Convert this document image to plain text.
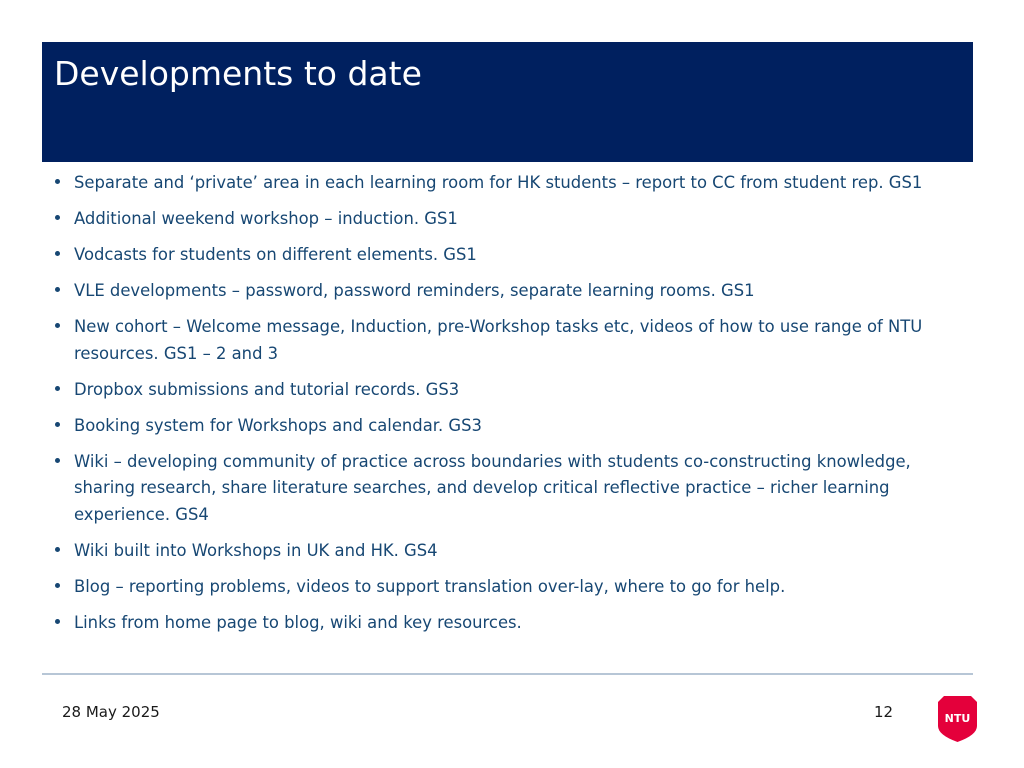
Developments to date
Separate and ‘private’ area in each learning room for HK students – report to CC from student rep. GS1
Additional weekend workshop – induction. GS1
Vodcasts for students on different elements. GS1
VLE developments – password, password reminders, separate learning rooms. GS1
New cohort – Welcome message, Induction, pre-Workshop tasks etc, videos of how to use range of NTU resources. GS1 – 2 and 3
Dropbox submissions and tutorial records. GS3
Booking system for Workshops and calendar. GS3
Wiki – developing community of practice across boundaries with students co-constructing knowledge, sharing research, share literature searches, and develop critical reflective practice – richer learning experience. GS4
Wiki built into Workshops in UK and HK. GS4
Blog – reporting problems, videos to support translation over-lay, where to go for help.
Links from home page to blog, wiki and key resources.
28 May 2025	12	NTU
